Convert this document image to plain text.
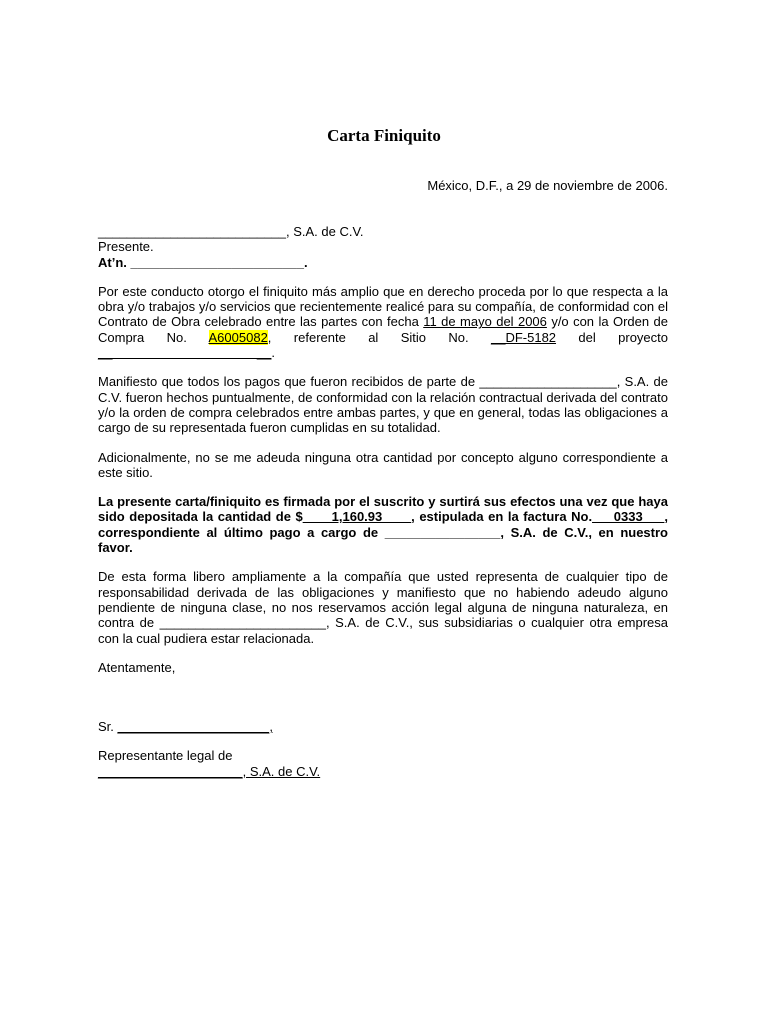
Carta Finiquito
México, D.F., a 29 de noviembre de 2006.
__________________________, S.A. de C.V.
Presente.
At’n. ________________________.
Por este conducto otorgo el finiquito más amplio que en derecho proceda por lo que respecta a la obra y/o trabajos y/o servicios que recientemente realicé para su compañía, de conformidad con el Contrato de Obra celebrado entre las partes con fecha 11 de mayo del 2006 y/o con la Orden de Compra No. A6005082, referente al Sitio No. __DF-5182 del proyecto __                                        __.
Manifiesto que todos los pagos que fueron recibidos de parte de ___________________, S.A. de C.V. fueron hechos puntualmente, de conformidad con la relación contractual derivada del contrato y/o la orden de compra celebrados entre ambas partes, y que en general, todas las obligaciones a cargo de su representada fueron cumplidas en su totalidad.
Adicionalmente, no se me adeuda ninguna otra cantidad por concepto alguno correspondiente a este sitio.
La presente carta/finiquito es firmada por el suscrito y surtirá sus efectos una vez que haya sido depositada la cantidad de $____1,160.93____, estipulada en la factura No.___0333___, correspondiente al último pago a cargo de ________________, S.A. de C.V., en nuestro favor.
De esta forma libero ampliamente a la compañía que usted representa de cualquier tipo de responsabilidad derivada de las obligaciones y manifiesto que no habiendo adeudo alguno pendiente de ninguna clase, no nos reservamos acción legal alguna de ninguna naturaleza, en contra de _______________________, S.A. de C.V., sus subsidiarias o cualquier otra empresa con la cual pudiera estar relacionada.
Atentamente,
Sr. _____________________,
Representante legal de
____________________, S.A. de C.V.
